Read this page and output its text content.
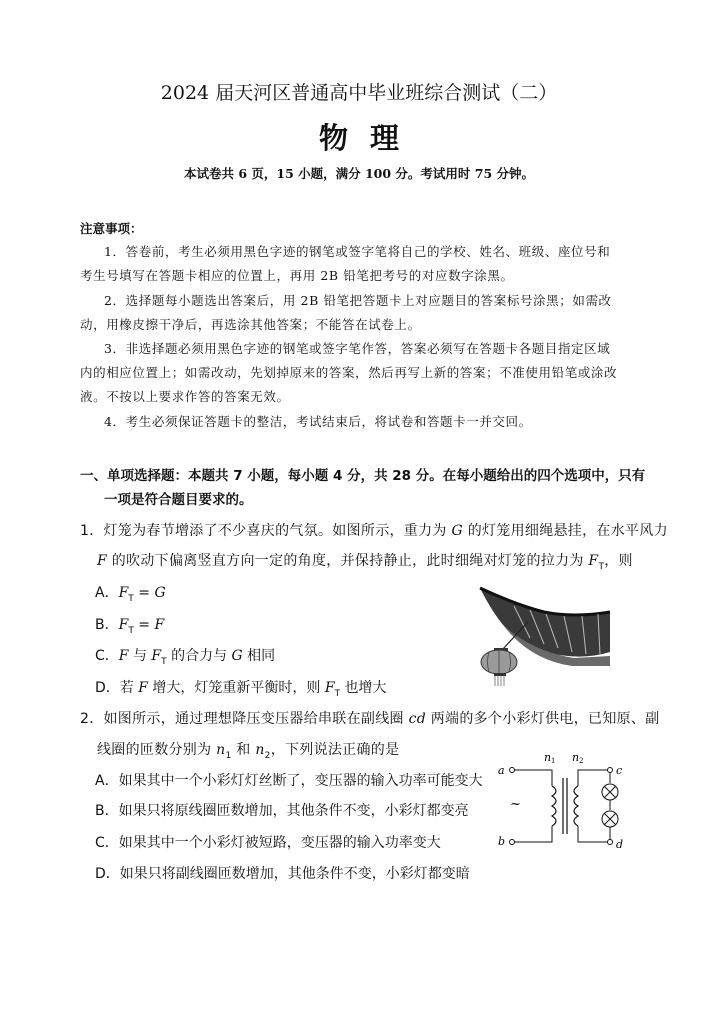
2024 届天河区普通高中毕业班综合测试（二）
物理
本试卷共 6 页，15 小题，满分 100 分。考试用时 75 分钟。
注意事项：
1．答卷前，考生必须用黑色字迹的钢笔或签字笔将自己的学校、姓名、班级、座位号和
考生号填写在答题卡相应的位置上，再用 2B 铅笔把考号的对应数字涂黑。
2．选择题每小题选出答案后，用 2B 铅笔把答题卡上对应题目的答案标号涂黑；如需改
动，用橡皮擦干净后，再选涂其他答案；不能答在试卷上。
3．非选择题必须用黑色字迹的钢笔或签字笔作答，答案必须写在答题卡各题目指定区域
内的相应位置上；如需改动，先划掉原来的答案，然后再写上新的答案；不准使用铅笔或涂改
液。不按以上要求作答的答案无效。
4．考生必须保证答题卡的整洁，考试结束后，将试卷和答题卡一并交回。
一、单项选择题：本题共 7 小题，每小题 4 分，共 28 分。在每小题给出的四个选项中，只有
一项是符合题目要求的。
1．灯笼为春节增添了不少喜庆的气氛。如图所示，重力为 G 的灯笼用细绳悬挂，在水平风力
F 的吹动下偏离竖直方向一定的角度，并保持静止，此时细绳对灯笼的拉力为 $F_T$，则
A．$F_T = G$
B．$F_T = F$
C．F 与 $F_T$ 的合力与 G 相同
D．若 F 增大，灯笼重新平衡时，则 $F_T$ 也增大
2．如图所示，通过理想降压变压器给串联在副线圈 cd 两端的多个小彩灯供电，已知原、副
线圈的匝数分别为 $n_1$ 和 $n_2$，下列说法正确的是
A．如果其中一个小彩灯灯丝断了，变压器的输入功率可能变大
B．如果只将原线圈匝数增加，其他条件不变，小彩灯都变亮
C．如果其中一个小彩灯被短路，变压器的输入功率变大
D．如果只将副线圈匝数增加，其他条件不变，小彩灯都变暗
a
b
~
n 1 n 2
c
d
